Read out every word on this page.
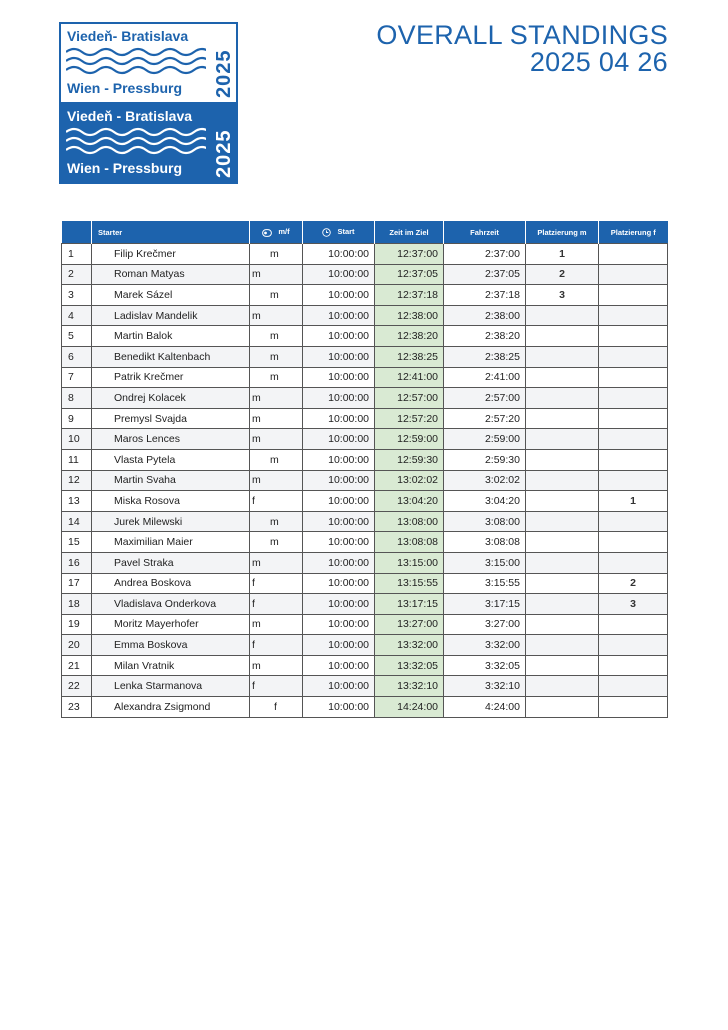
Viedeň- Bratislava
Wien - Pressburg 2025
Viedeň - Bratislava
Wien - Pressburg 2025
OVERALL STANDINGS
2025 04 26
	Starter	m/f	Start	Zeit im Ziel	Fahrzeit	Platzierung m	Platzierung f
1	Filip Krečmer	m	10:00:00	12:37:00	2:37:00	1	
2	Roman Matyas	m	10:00:00	12:37:05	2:37:05	2	
3	Marek Sázel	m	10:00:00	12:37:18	2:37:18	3	
4	Ladislav Mandelik	m	10:00:00	12:38:00	2:38:00		
5	Martin Balok	m	10:00:00	12:38:20	2:38:20		
6	Benedikt Kaltenbach	m	10:00:00	12:38:25	2:38:25		
7	Patrik Krečmer	m	10:00:00	12:41:00	2:41:00		
8	Ondrej Kolacek	m	10:00:00	12:57:00	2:57:00		
9	Premysl Svajda	m	10:00:00	12:57:20	2:57:20		
10	Maros Lences	m	10:00:00	12:59:00	2:59:00		
11	Vlasta Pytela	m	10:00:00	12:59:30	2:59:30		
12	Martin Svaha	m	10:00:00	13:02:02	3:02:02		
13	Miska Rosova	f	10:00:00	13:04:20	3:04:20		1
14	Jurek Milewski	m	10:00:00	13:08:00	3:08:00		
15	Maximilian Maier	m	10:00:00	13:08:08	3:08:08		
16	Pavel Straka	m	10:00:00	13:15:00	3:15:00		
17	Andrea Boskova	f	10:00:00	13:15:55	3:15:55		2
18	Vladislava Onderkova	f	10:00:00	13:17:15	3:17:15		3
19	Moritz Mayerhofer	m	10:00:00	13:27:00	3:27:00		
20	Emma Boskova	f	10:00:00	13:32:00	3:32:00		
21	Milan Vratnik	m	10:00:00	13:32:05	3:32:05		
22	Lenka Starmanova	f	10:00:00	13:32:10	3:32:10		
23	Alexandra Zsigmond	f	10:00:00	14:24:00	4:24:00		
